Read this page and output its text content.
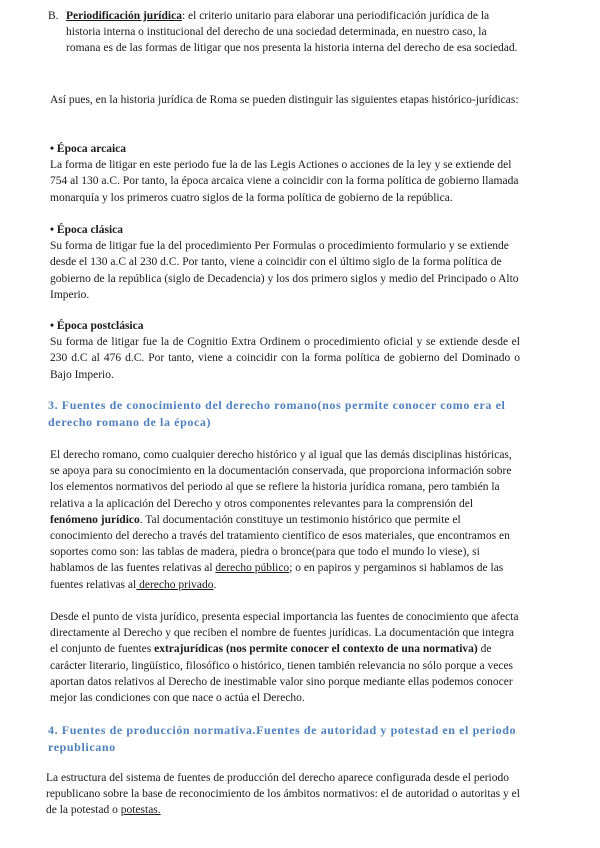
B. Periodificación jurídica: el criterio unitario para elaborar una periodificación jurídica de la historia interna o institucional del derecho de una sociedad determinada, en nuestro caso, la romana es de las formas de litigar que nos presenta la historia interna del derecho de esa sociedad.

Así pues, en la historia jurídica de Roma se pueden distinguir las siguientes etapas histórico-jurídicas:

• Época arcaica
La forma de litigar en este periodo fue la de las Legis Actiones o acciones de la ley y se extiende del 754 al 130 a.C. Por tanto, la época arcaica viene a coincidir con la forma política de gobierno llamada monarquía y los primeros cuatro siglos de la forma política de gobierno de la república.
• Época clásica
Su forma de litigar fue la del procedimiento Per Formulas o procedimiento formulario y se extiende desde el 130 a.C al 230 d.C. Por tanto, viene a coincidir con el último siglo de la forma política de gobierno de la república (siglo de Decadencia) y los dos primero siglos y medio del Principado o Alto Imperio.
• Época postclásica
Su forma de litigar fue la de Cognitio Extra Ordinem o procedimiento oficial y se extiende desde el 230 d.C al 476 d.C. Por tanto, viene a coincidir con la forma política de gobierno del Dominado o Bajo Imperio.
3. Fuentes de conocimiento del derecho romano(nos permite conocer como era el derecho romano de la época)

El derecho romano, como cualquier derecho histórico y al igual que las demás disciplinas históricas, se apoya para su conocimiento en la documentación conservada, que proporciona información sobre los elementos normativos del periodo al que se refiere la historia jurídica romana, pero también la relativa a la aplicación del Derecho y otros componentes relevantes para la comprensión del fenómeno jurídico. Tal documentación constituye un testimonio histórico que permite el conocimiento del derecho a través del tratamiento científico de esos materiales, que encontramos en soportes como son: las tablas de madera, piedra o bronce(para que todo el mundo lo viese), si hablamos de las fuentes relativas al derecho público; o en papiros y pergaminos si hablamos de las fuentes relativas al derecho privado.

Desde el punto de vista jurídico, presenta especial importancia las fuentes de conocimiento que afecta directamente al Derecho y que reciben el nombre de fuentes jurídicas. La documentación que integra el conjunto de fuentes extrajurídicas (nos permite conocer el contexto de una normativa) de carácter literario, lingüístico, filosófico o histórico, tienen también relevancia no sólo porque a veces aportan datos relativos al Derecho de inestimable valor sino porque mediante ellas podemos conocer mejor las condiciones con que nace o actúa el Derecho.

4. Fuentes de producción normativa.Fuentes de autoridad y potestad en el periodo republicano

La estructura del sistema de fuentes de producción del derecho aparece configurada desde el periodo republicano sobre la base de reconocimiento de los ámbitos normativos: el de autoridad o autoritas y el de la potestad o potestas.
